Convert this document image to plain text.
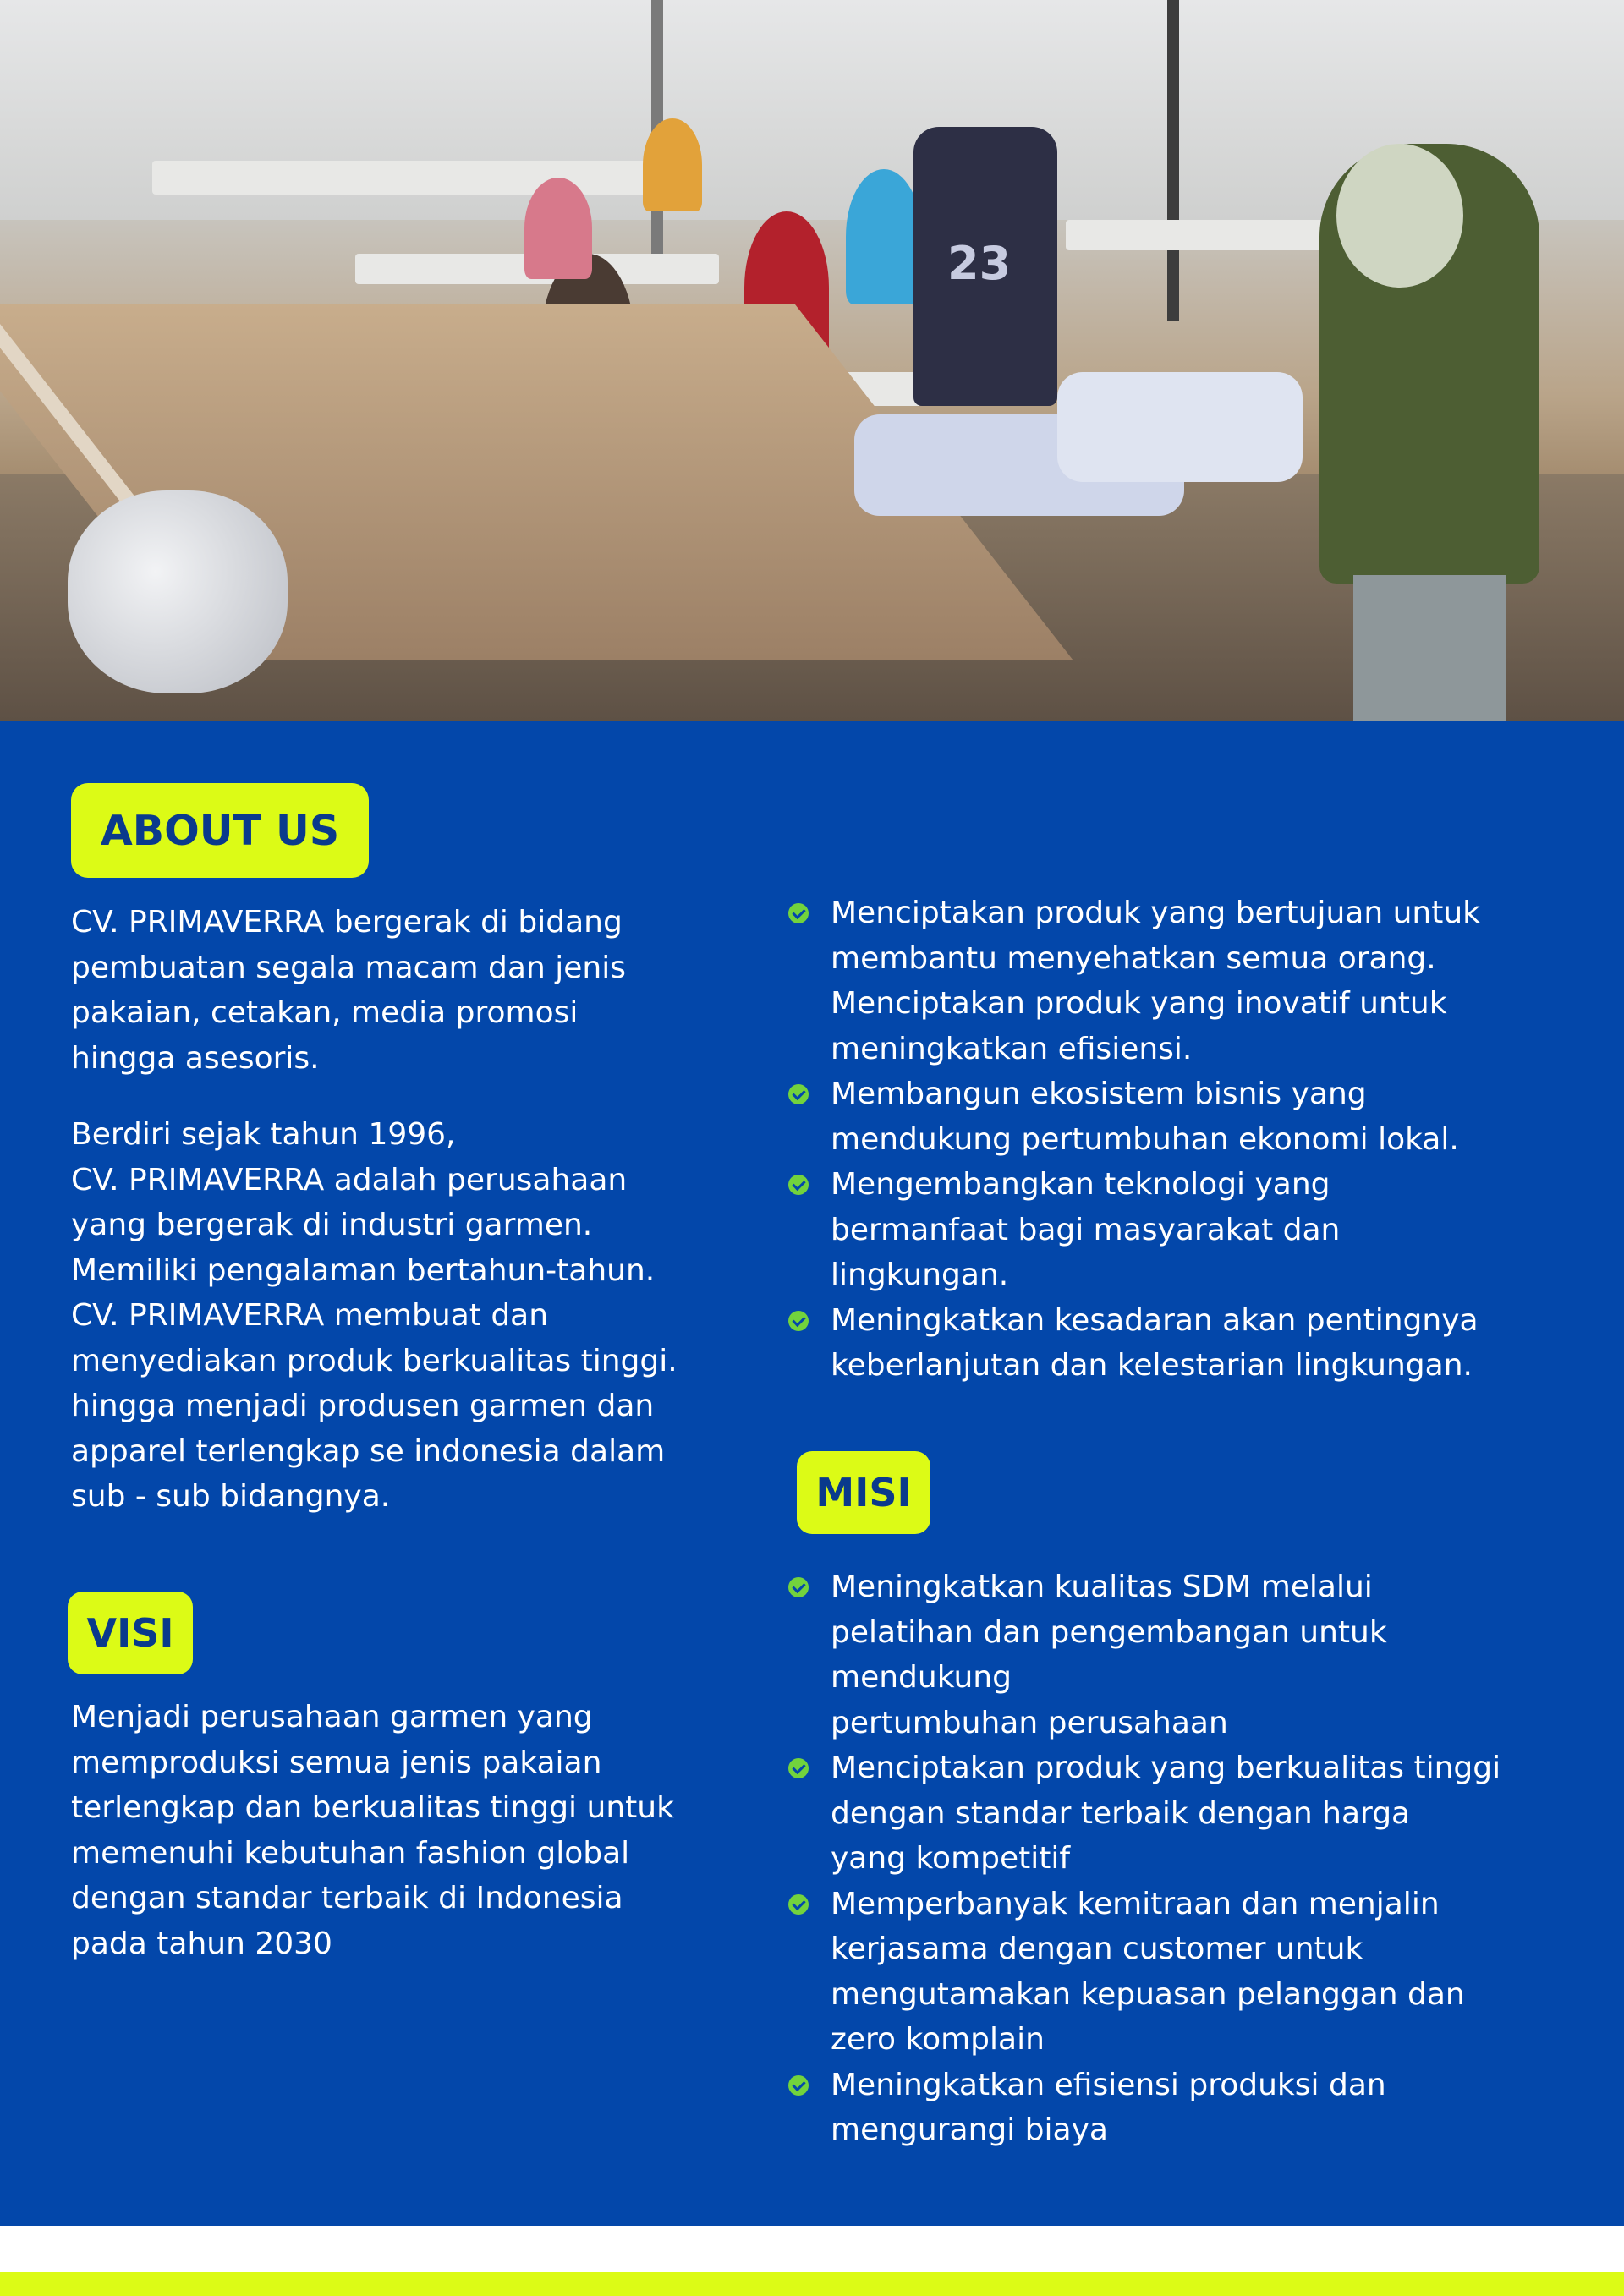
23
ABOUT US

CV. PRIMAVERRA bergerak di bidang
pembuatan segala macam dan jenis
pakaian, cetakan, media promosi
hingga asesoris.

Berdiri sejak tahun 1996,
CV. PRIMAVERRA adalah perusahaan
yang bergerak di industri garmen.
Memiliki pengalaman bertahun-tahun.
CV. PRIMAVERRA membuat dan
menyediakan produk berkualitas tinggi.
hingga menjadi produsen garmen dan
apparel terlengkap se indonesia dalam
sub - sub bidangnya.

VISI

Menjadi perusahaan garmen yang
memproduksi semua jenis pakaian
terlengkap dan berkualitas tinggi untuk
memenuhi kebutuhan fashion global
dengan standar terbaik di Indonesia
pada tahun 2030

Menciptakan produk yang bertujuan untuk
membantu menyehatkan semua orang.
Menciptakan produk yang inovatif untuk
meningkatkan efisiensi.
Membangun ekosistem bisnis yang
mendukung pertumbuhan ekonomi lokal.
Mengembangkan teknologi yang
bermanfaat bagi masyarakat dan
lingkungan.
Meningkatkan kesadaran akan pentingnya
keberlanjutan dan kelestarian lingkungan.
MISI
Meningkatkan kualitas SDM melalui
pelatihan dan pengembangan untuk
mendukung
pertumbuhan perusahaan
Menciptakan produk yang berkualitas tinggi
dengan standar terbaik dengan harga
yang kompetitif
Memperbanyak kemitraan dan menjalin
kerjasama dengan customer untuk
mengutamakan kepuasan pelanggan dan
zero komplain
Meningkatkan efisiensi produksi dan
mengurangi biaya
